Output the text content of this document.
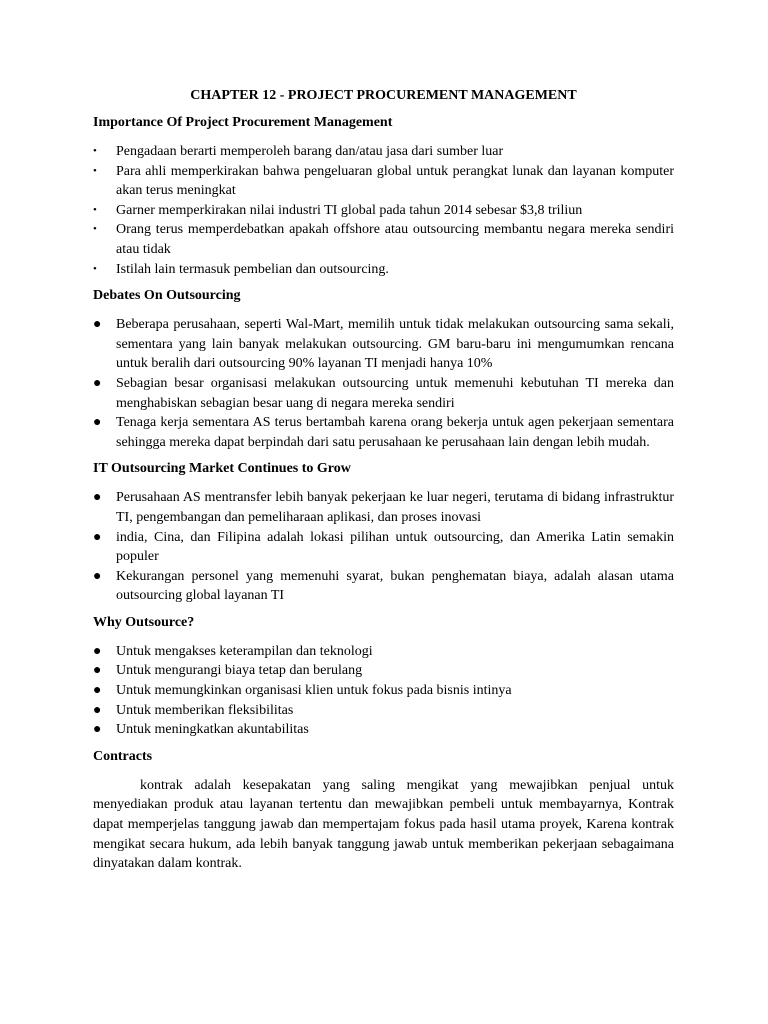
CHAPTER 12 - PROJECT PROCUREMENT MANAGEMENT
Importance Of Project Procurement Management
•	Pengadaan berarti memperoleh barang dan/atau jasa dari sumber luar
•	Para ahli memperkirakan bahwa pengeluaran global untuk perangkat lunak dan layanan komputer akan terus meningkat
•	Garner memperkirakan nilai industri TI global pada tahun 2014 sebesar $3,8 triliun
•	Orang terus memperdebatkan apakah offshore atau outsourcing membantu negara mereka sendiri atau tidak
•	Istilah lain termasuk pembelian dan outsourcing.
Debates On Outsourcing
●	Beberapa perusahaan, seperti Wal-Mart, memilih untuk tidak melakukan outsourcing sama sekali, sementara yang lain banyak melakukan outsourcing. GM baru-baru ini mengumumkan rencana untuk beralih dari outsourcing 90% layanan TI menjadi hanya 10%
●	Sebagian besar organisasi melakukan outsourcing untuk memenuhi kebutuhan TI mereka dan menghabiskan sebagian besar uang di negara mereka sendiri
●	Tenaga kerja sementara AS terus bertambah karena orang bekerja untuk agen pekerjaan sementara sehingga mereka dapat berpindah dari satu perusahaan ke perusahaan lain dengan lebih mudah.
IT Outsourcing Market Continues to Grow
●	Perusahaan AS mentransfer lebih banyak pekerjaan ke luar negeri, terutama di bidang infrastruktur TI, pengembangan dan pemeliharaan aplikasi, dan proses inovasi
●	india, Cina, dan Filipina adalah lokasi pilihan untuk outsourcing, dan Amerika Latin semakin populer
●	Kekurangan personel yang memenuhi syarat, bukan penghematan biaya, adalah alasan utama outsourcing global layanan TI
Why Outsource?
●	Untuk mengakses keterampilan dan teknologi
●	Untuk mengurangi biaya tetap dan berulang
●	Untuk memungkinkan organisasi klien untuk fokus pada bisnis intinya
●	Untuk memberikan fleksibilitas
●	Untuk meningkatkan akuntabilitas
Contracts

kontrak adalah kesepakatan yang saling mengikat yang mewajibkan penjual untuk menyediakan produk atau layanan tertentu dan mewajibkan pembeli untuk membayarnya, Kontrak dapat memperjelas tanggung jawab dan mempertajam fokus pada hasil utama proyek, Karena kontrak mengikat secara hukum, ada lebih banyak tanggung jawab untuk memberikan pekerjaan sebagaimana dinyatakan dalam kontrak.
